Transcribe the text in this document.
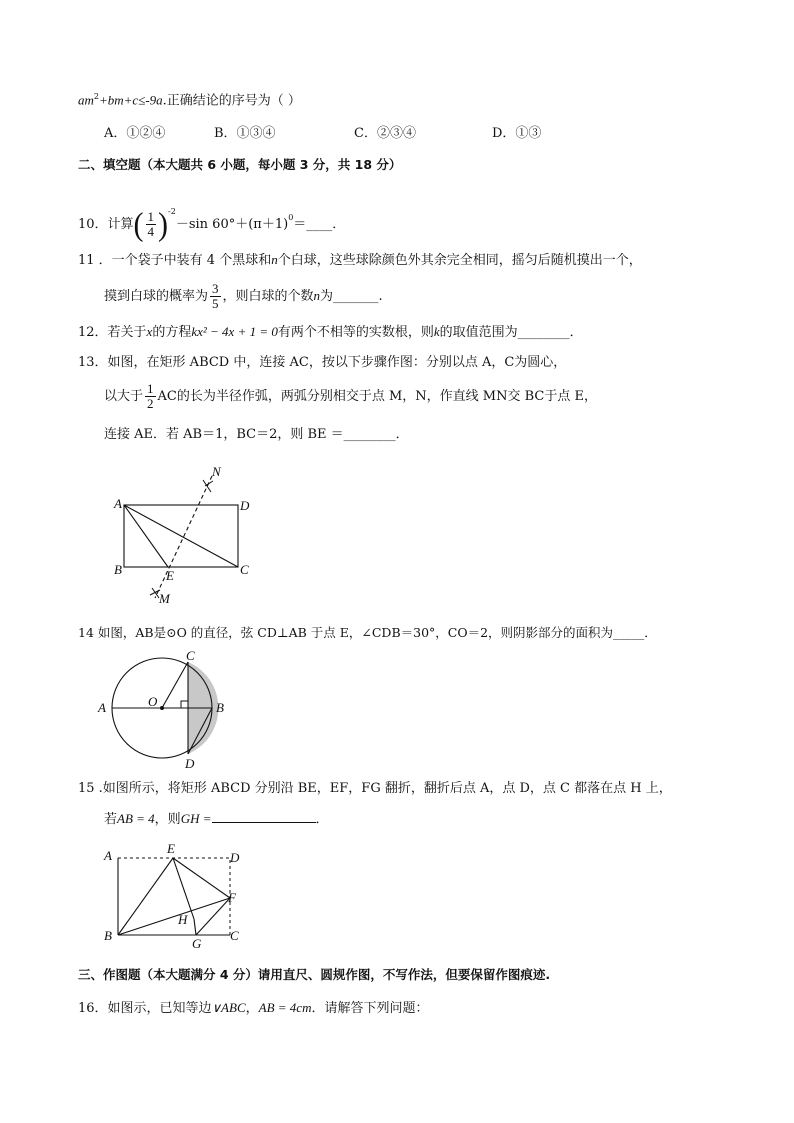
$am^2+bm+c\le-9a$.正确结论的序号为（ ）
A．①②④	B．①③④	C．②③④	D．①③
二、填空题（本大题共 6 小题，每小题 3 分，共 18 分）
10．计算( $\frac{1}{4} )^{-2}-\sin$ $60^\circ+(\pi+1)^0=\_\_\_\_$．
11 ．一个袋子中装有 4 个黑球和n个白球，这些球除颜色外其余完全相同，摇匀后随机摸出一个，
摸到白球的概率为 $\frac{3}{5}$ ，则白球的个数n为_______.
12．若关于x的方程kx² − 4x + 1 = 0有两个不相等的实数根，则k的取值范围为________．
13．如图，在矩形 ABCD 中，连接 AC，按以下步骤作图：分别以点 A，C为圆心，
以大于 $\frac{1}{2}$ AC的长为半径作弧，两弧分别相交于点 M，N，作直线 MN交 BC于点 E，
连接 AE．若 AB＝1，BC＝2，则 BE ＝________．
A	D
B	C
E
N
M
14 如图，AB是⊙O 的直径，弦 CD⊥AB 于点 E，∠CDB＝30°，CO＝2，则阴影部分的面积为_____．
A	B
C
D
O
15 .如图所示，将矩形 ABCD 分别沿 BE，EF，FG 翻折，翻折后点 A，点 D，点 C 都落在点 H 上，
若AB = 4，则GH =	．
A	E
D
F
H
B
G
C
三、作图题（本大题满分 4 分）请用直尺、圆规作图，不写作法，但要保留作图痕迹.
16．如图示，已知等边∨ABC，AB = 4cm．请解答下列问题：
